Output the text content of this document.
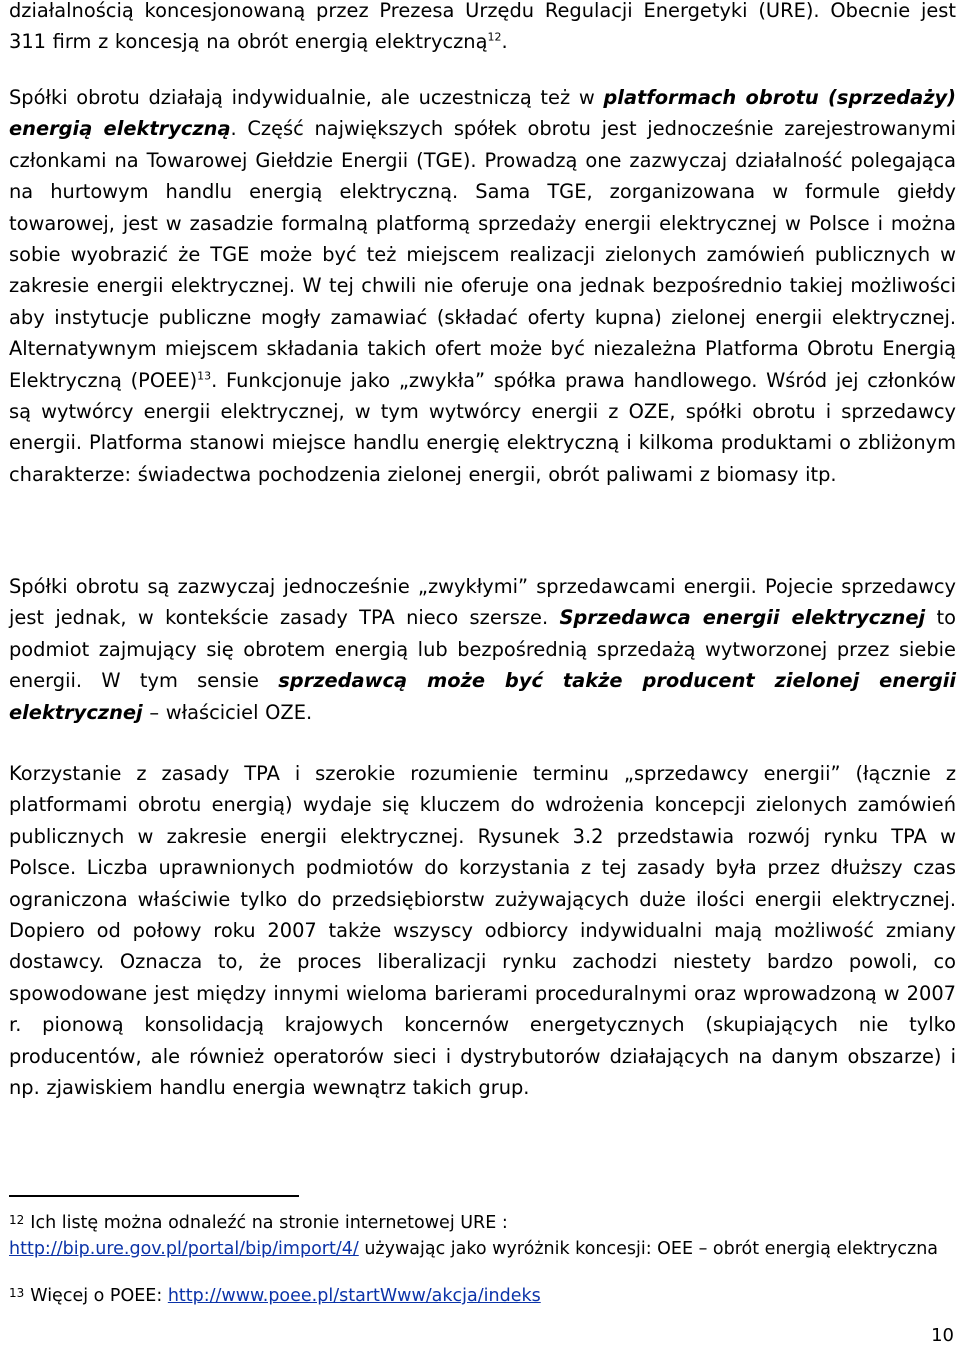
działalnością koncesjonowaną przez Prezesa Urzędu Regulacji Energetyki (URE). Obecnie jest 311 firm z koncesją na obrót energią elektryczną$^{12}$.

Spółki obrotu działają indywidualnie, ale uczestniczą też w platformach obrotu (sprzedaży) energią elektryczną. Część największych spółek obrotu jest jednocześnie zarejestrowanymi członkami na Towarowej Giełdzie Energii (TGE). Prowadzą one zazwyczaj działalność polegająca na hurtowym handlu energią elektryczną. Sama TGE, zorganizowana w formule giełdy towarowej, jest w zasadzie formalną platformą sprzedaży energii elektrycznej w Polsce i można sobie wyobrazić że TGE może być też miejscem realizacji zielonych zamówień publicznych w zakresie energii elektrycznej. W tej chwili nie oferuje ona jednak bezpośrednio takiej możliwości aby instytucje publiczne mogły zamawiać (składać oferty kupna) zielonej energii elektrycznej. Alternatywnym miejscem składania takich ofert może być niezależna Platforma Obrotu Energią Elektryczną (POEE)$^{13}$. Funkcjonuje jako „zwykła” spółka prawa handlowego. Wśród jej członków są wytwórcy energii elektrycznej, w tym wytwórcy energii z OZE, spółki obrotu i sprzedawcy energii. Platforma stanowi miejsce handlu energię elektryczną i kilkoma produktami o zbliżonym charakterze: świadectwa pochodzenia zielonej energii, obrót paliwami z biomasy itp.

Spółki obrotu są zazwyczaj jednocześnie „zwykłymi” sprzedawcami energii. Pojecie sprzedawcy jest jednak, w kontekście zasady TPA nieco szersze. Sprzedawca energii elektrycznej to podmiot zajmujący się obrotem energią lub bezpośrednią sprzedażą wytworzonej przez siebie energii. W tym sensie sprzedawcą może być także producent zielonej energii elektrycznej – właściciel OZE.

Korzystanie z zasady TPA i szerokie rozumienie terminu „sprzedawcy energii” (łącznie z platformami obrotu energią) wydaje się kluczem do wdrożenia koncepcji zielonych zamówień publicznych w zakresie energii elektrycznej. Rysunek 3.2 przedstawia rozwój rynku TPA w Polsce. Liczba uprawnionych podmiotów do korzystania z tej zasady była przez dłuższy czas ograniczona właściwie tylko do przedsiębiorstw zużywających duże ilości energii elektrycznej. Dopiero od połowy roku 2007 także wszyscy odbiorcy indywidualni mają możliwość zmiany dostawcy. Oznacza to, że proces liberalizacji rynku zachodzi niestety bardzo powoli, co spowodowane jest między innymi wieloma barierami proceduralnymi oraz wprowadzoną w 2007 r. pionową konsolidacją krajowych koncernów energetycznych (skupiających nie tylko producentów, ale również operatorów sieci i dystrybutorów działających na danym obszarze) i np. zjawiskiem handlu energia wewnątrz takich grup.

$^{12}$ Ich listę można odnaleźć na stronie internetowej URE :
http://bip.ure.gov.pl/portal/bip/import/4/ używając jako wyróżnik koncesji: OEE – obrót energią elektryczna
$^{13}$ Więcej o POEE: http://www.poee.pl/startWww/akcja/indeks
10
